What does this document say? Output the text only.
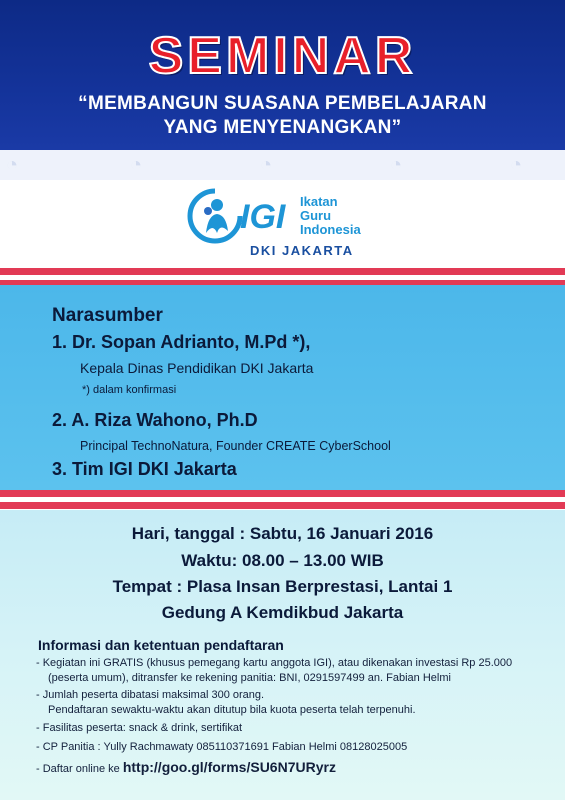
SEMINAR
“MEMBANGUN SUASANA PEMBELAJARAN
YANG MENYENANGKAN”
◔	◔	◔	◔	◔
IGI Ikatan
Guru
Indonesia
DKI JAKARTA
Narasumber
1. Dr. Sopan Adrianto, M.Pd *),
Kepala Dinas Pendidikan DKI Jakarta
*) dalam konfirmasi
2. A. Riza Wahono, Ph.D
Principal TechnoNatura, Founder CREATE CyberSchool
3. Tim IGI DKI Jakarta
Hari, tanggal : Sabtu, 16 Januari 2016
Waktu: 08.00 – 13.00 WIB
Tempat : Plasa Insan Berprestasi, Lantai 1
Gedung A Kemdikbud Jakarta
Informasi dan ketentuan pendaftaran
- Kegiatan ini GRATIS (khusus pemegang kartu anggota IGI), atau dikenakan investasi Rp 25.000
(peserta umum), ditransfer ke rekening panitia: BNI, 0291597499 an. Fabian Helmi
- Jumlah peserta dibatasi maksimal 300 orang.
Pendaftaran sewaktu-waktu akan ditutup bila kuota peserta telah terpenuhi.
- Fasilitas peserta: snack & drink, sertifikat
- CP Panitia : Yully Rachmawaty 085110371691 Fabian Helmi 08128025005
- Daftar online ke http://goo.gl/forms/SU6N7URyrz
